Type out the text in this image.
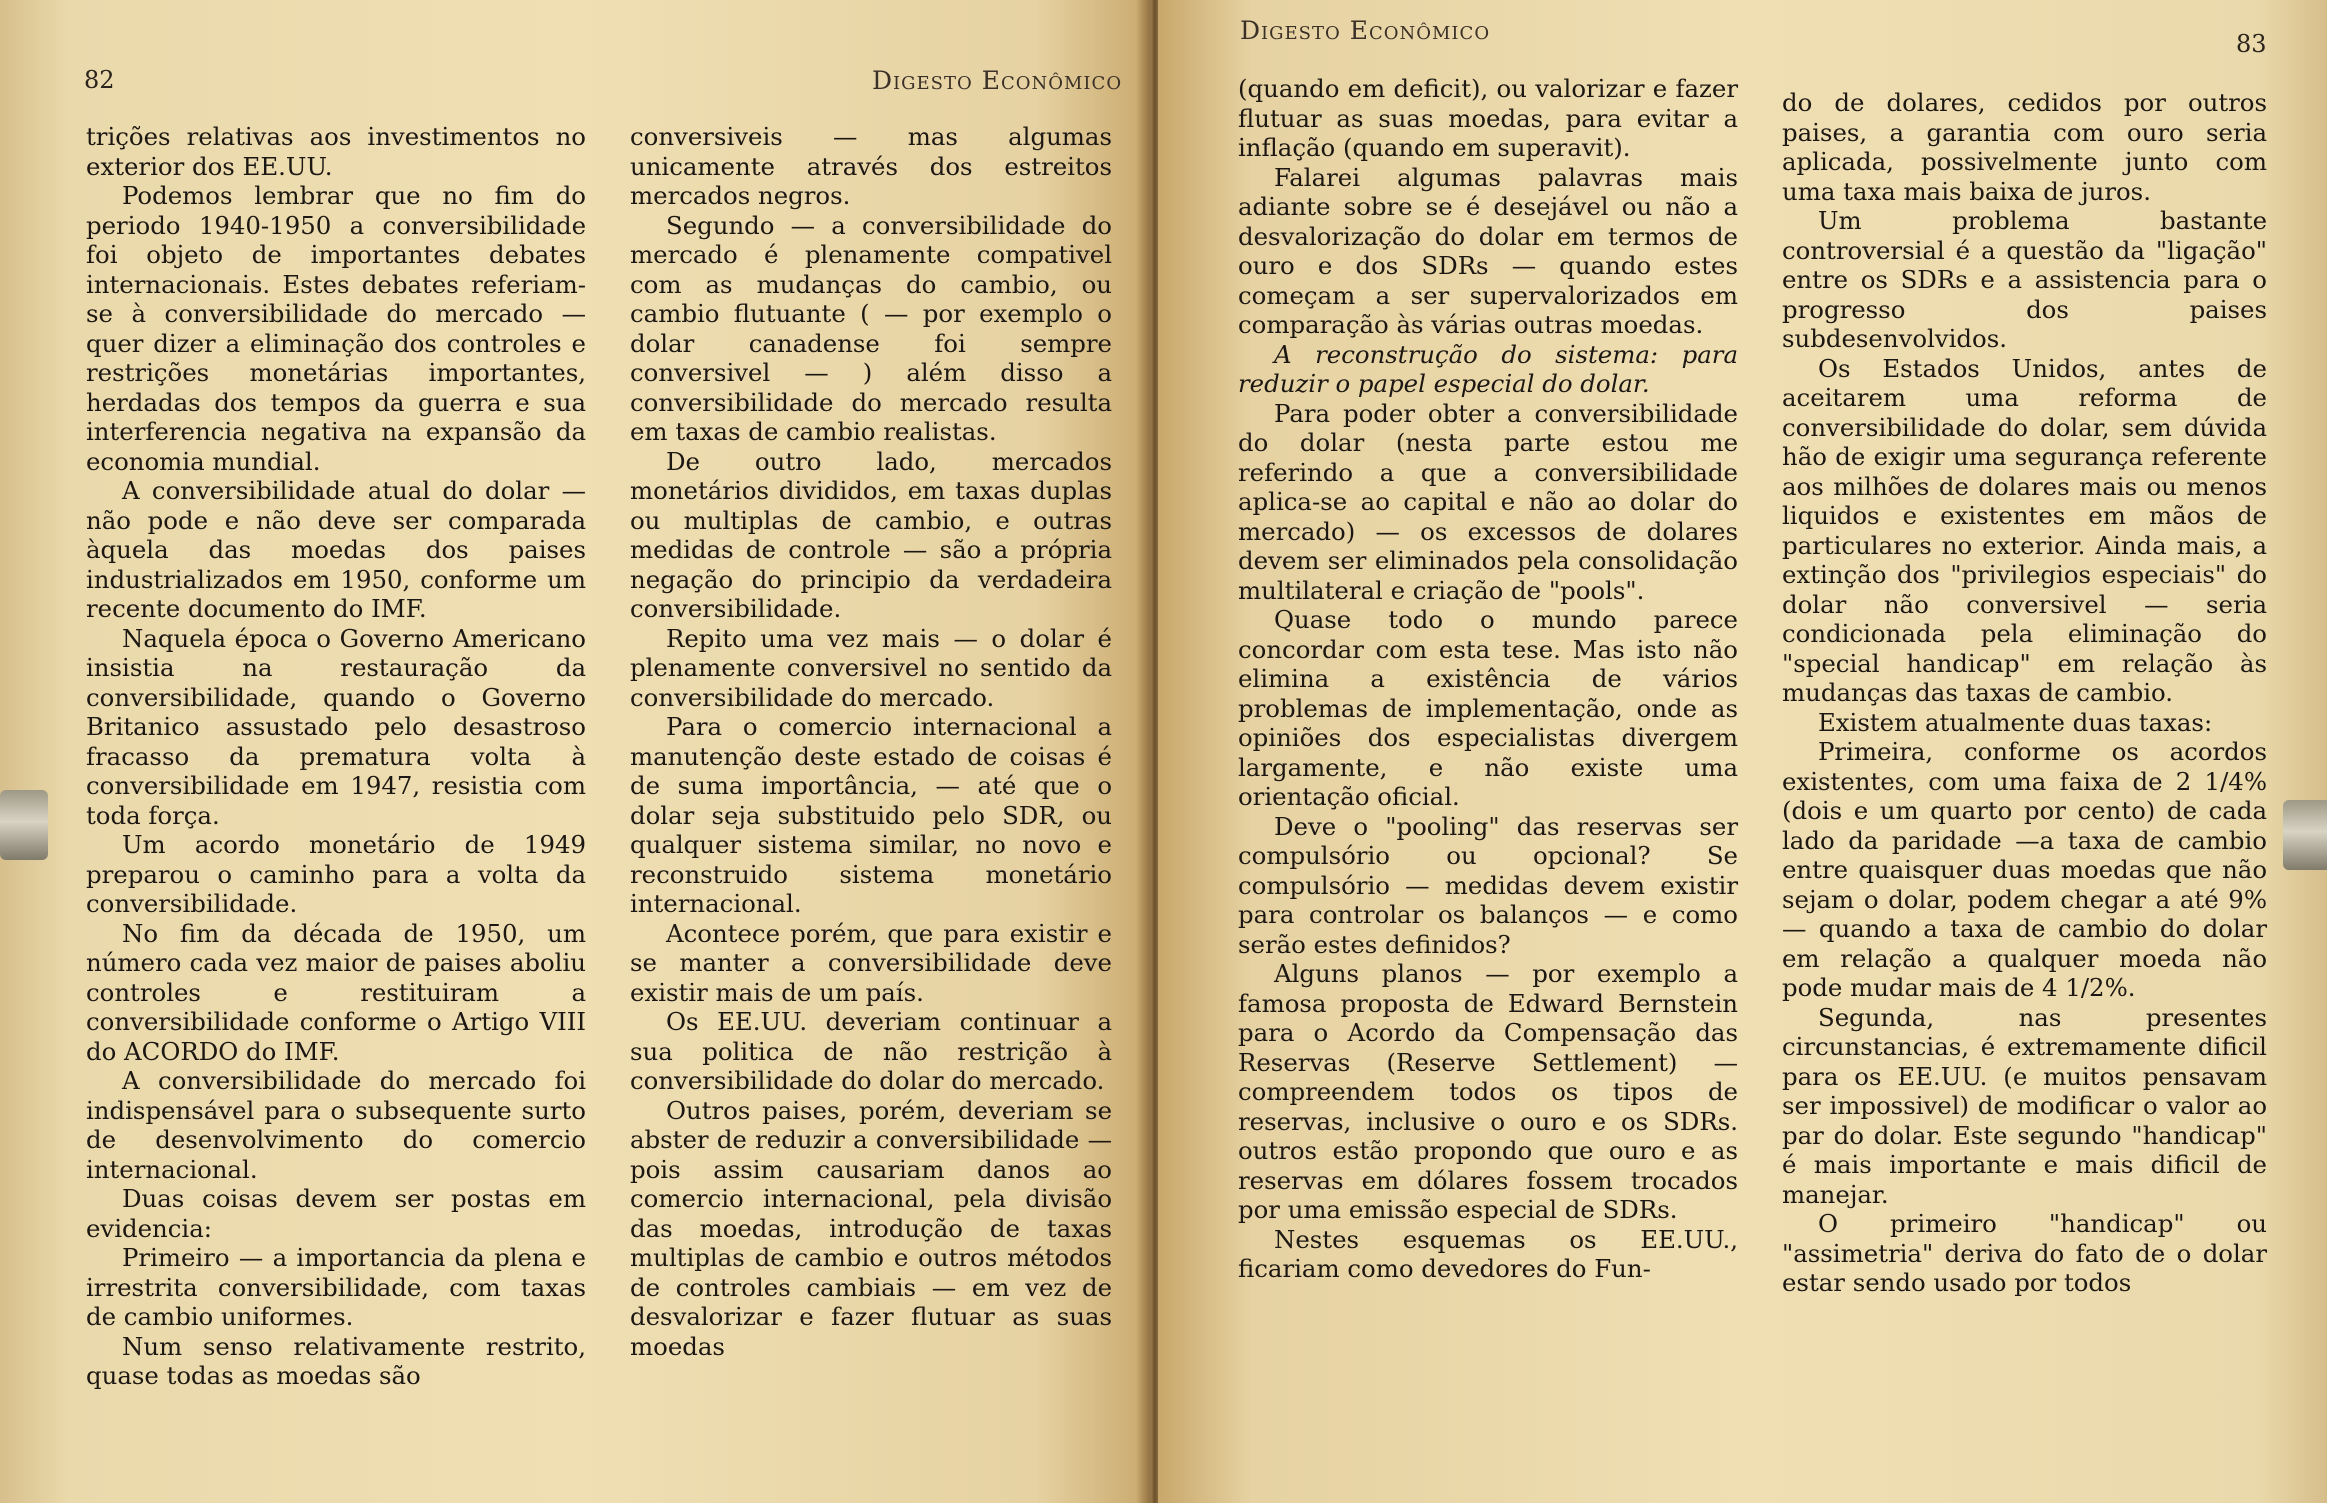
82	Digesto Econômico

trições relativas aos investimentos no exterior dos EE.UU.

Podemos lembrar que no fim do periodo 1940-1950 a conversibilidade foi objeto de importantes debates internacionais. Estes debates referiam-se à conversibilidade do mercado — quer dizer a eliminação dos controles e restrições monetárias importantes, herdadas dos tempos da guerra e sua interferencia negativa na expansão da economia mundial.

A conversibilidade atual do dolar — não pode e não deve ser comparada àquela das moedas dos paises industrializados em 1950, conforme um recente documento do IMF.

Naquela época o Governo Americano insistia na restauração da conversibilidade, quando o Governo Britanico assustado pelo desastroso fracasso da prematura volta à conversibilidade em 1947, resistia com toda força.

Um acordo monetário de 1949 preparou o caminho para a volta da conversibilidade.

No fim da década de 1950, um número cada vez maior de paises aboliu controles e restituiram a conversibilidade conforme o Artigo VIII do ACORDO do IMF.

A conversibilidade do mercado foi indispensável para o subsequente surto de desenvolvimento do comercio internacional.

Duas coisas devem ser postas em evidencia:

Primeiro — a importancia da plena e irrestrita conversibilidade, com taxas de cambio uniformes.

Num senso relativamente restrito, quase todas as moedas são

conversiveis — mas algumas unicamente através dos estreitos mercados negros.

Segundo — a conversibilidade do mercado é plenamente compativel com as mudanças do cambio, ou cambio flutuante ( — por exemplo o dolar canadense foi sempre conversivel — ) além disso a conversibilidade do mercado resulta em taxas de cambio realistas.

De outro lado, mercados monetários divididos, em taxas duplas ou multiplas de cambio, e outras medidas de controle — são a própria negação do principio da verdadeira conversibilidade.

Repito uma vez mais — o dolar é plenamente conversivel no sentido da conversibilidade do mercado.

Para o comercio internacional a manutenção deste estado de coisas é de suma importância, — até que o dolar seja substituido pelo SDR, ou qualquer sistema similar, no novo e reconstruido sistema monetário internacional.

Acontece porém, que para existir e se manter a conversibilidade deve existir mais de um país.

Os EE.UU. deveriam continuar a sua politica de não restrição à conversibilidade do dolar do mercado.

Outros paises, porém, deveriam se abster de reduzir a conversibilidade — pois assim causariam danos ao comercio internacional, pela divisão das moedas, introdução de taxas multiplas de cambio e outros métodos de controles cambiais — em vez de desvalorizar e fazer flutuar as suas moedas

Digesto Econômico	83

(quando em deficit), ou valorizar e fazer flutuar as suas moedas, para evitar a inflação (quando em superavit).

Falarei algumas palavras mais adiante sobre se é desejável ou não a desvalorização do dolar em termos de ouro e dos SDRs — quando estes começam a ser supervalorizados em comparação às várias outras moedas.

A reconstrução do sistema: para reduzir o papel especial do dolar.

Para poder obter a conversibilidade do dolar (nesta parte estou me referindo a que a conversibilidade aplica-se ao capital e não ao dolar do mercado) — os excessos de dolares devem ser eliminados pela consolidação multilateral e criação de "pools".

Quase todo o mundo parece concordar com esta tese. Mas isto não elimina a existência de vários problemas de implementação, onde as opiniões dos especialistas divergem largamente, e não existe uma orientação oficial.

Deve o "pooling" das reservas ser compulsório ou opcional? Se compulsório — medidas devem existir para controlar os balanços — e como serão estes definidos?

Alguns planos — por exemplo a famosa proposta de Edward Bernstein para o Acordo da Compensação das Reservas (Reserve Settlement) — compreendem todos os tipos de reservas, inclusive o ouro e os SDRs. outros estão propondo que ouro e as reservas em dólares fossem trocados por uma emissão especial de SDRs.

Nestes esquemas os EE.UU., ficariam como devedores do Fun-

do de dolares, cedidos por outros paises, a garantia com ouro seria aplicada, possivelmente junto com uma taxa mais baixa de juros.

Um problema bastante controversial é a questão da "ligação" entre os SDRs e a assistencia para o progresso dos paises subdesenvolvidos.

Os Estados Unidos, antes de aceitarem uma reforma de conversibilidade do dolar, sem dúvida hão de exigir uma segurança referente aos milhões de dolares mais ou menos liquidos e existentes em mãos de particulares no exterior. Ainda mais, a extinção dos "privilegios especiais" do dolar não conversivel — seria condicionada pela eliminação do "special handicap" em relação às mudanças das taxas de cambio.

Existem atualmente duas taxas:

Primeira, conforme os acordos existentes, com uma faixa de 2 1/4% (dois e um quarto por cento) de cada lado da paridade —a taxa de cambio entre quaisquer duas moedas que não sejam o dolar, podem chegar a até 9% — quando a taxa de cambio do dolar em relação a qualquer moeda não pode mudar mais de 4 1/2%.

Segunda, nas presentes circunstancias, é extremamente dificil para os EE.UU. (e muitos pensavam ser impossivel) de modificar o valor ao par do dolar. Este segundo "handicap" é mais importante e mais dificil de manejar.

O primeiro "handicap" ou "assimetria" deriva do fato de o dolar estar sendo usado por todos
